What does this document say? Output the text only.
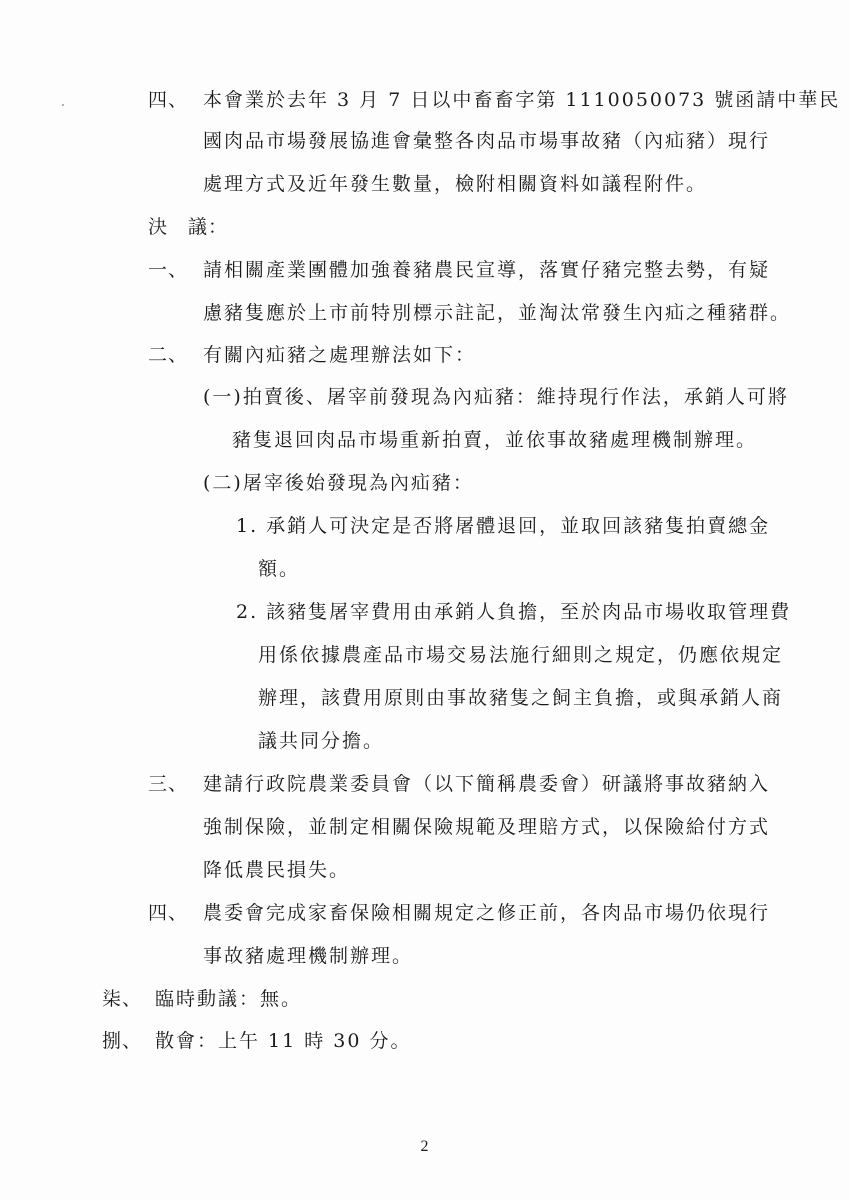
四、 本會業於去年 3 月 7 日以中畜畜字第 1110050073 號函請中華民
國肉品市場發展協進會彙整各肉品市場事故豬（內疝豬）現行
處理方式及近年發生數量，檢附相關資料如議程附件。
決　議：
一、 請相關產業團體加強養豬農民宣導，落實仔豬完整去勢，有疑
慮豬隻應於上市前特別標示註記，並淘汰常發生內疝之種豬群。
二、 有關內疝豬之處理辦法如下：
(一)拍賣後、屠宰前發現為內疝豬：維持現行作法，承銷人可將
豬隻退回肉品市場重新拍賣，並依事故豬處理機制辦理。
(二)屠宰後始發現為內疝豬：
1. 承銷人可決定是否將屠體退回，並取回該豬隻拍賣總金
額。
2. 該豬隻屠宰費用由承銷人負擔，至於肉品市場收取管理費
用係依據農產品市場交易法施行細則之規定，仍應依規定
辦理，該費用原則由事故豬隻之飼主負擔，或與承銷人商
議共同分擔。
三、 建請行政院農業委員會（以下簡稱農委會）研議將事故豬納入
強制保險，並制定相關保險規範及理賠方式，以保險給付方式
降低農民損失。
四、 農委會完成家畜保險相關規定之修正前，各肉品市場仍依現行
事故豬處理機制辦理。
柒、 臨時動議：無。
捌、 散會：上午 11 時 30 分。
2
